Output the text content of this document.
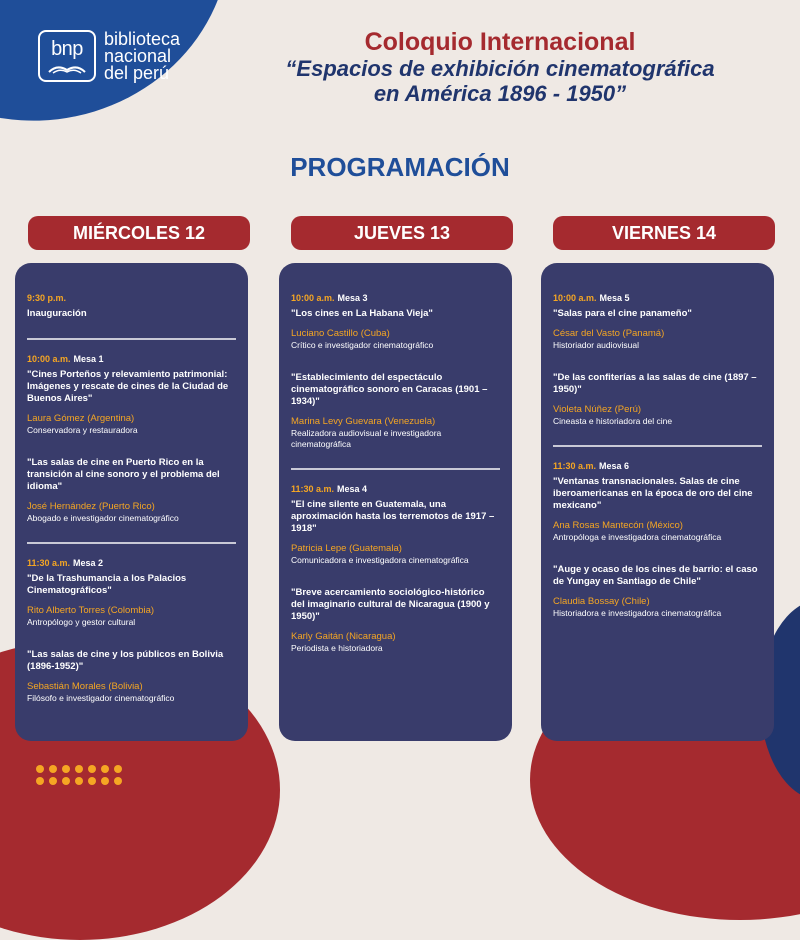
bnp biblioteca
nacional
del perú
Coloquio Internacional
“Espacios de exhibición cinematográfica
en América 1896 - 1950”
PROGRAMACIÓN
MIÉRCOLES 12
9:30 p.m.
Inauguración
10:00 a.m. Mesa 1
"Cines Porteños y relevamiento patrimonial: Imágenes y rescate de cines de la Ciudad de Buenos Aires"
Laura Gómez (Argentina)
Conservadora y restauradora
"Las salas de cine en Puerto Rico en la transición al cine sonoro y el problema del idioma"
José Hernández (Puerto Rico)
Abogado e investigador cinematográfico
11:30 a.m. Mesa 2
"De la Trashumancia a los Palacios Cinematográficos"
Rito Alberto Torres (Colombia)
Antropólogo y gestor cultural
"Las salas de cine y los públicos en Bolivia (1896-1952)"
Sebastián Morales (Bolivia)
Filósofo e investigador cinematográfico
JUEVES 13
10:00 a.m. Mesa 3
"Los cines en La Habana Vieja"
Luciano Castillo (Cuba)
Crítico e investigador cinematográfico
"Establecimiento del espectáculo cinematográfico sonoro en Caracas (1901 – 1934)"
Marina Levy Guevara (Venezuela)
Realizadora audiovisual e investigadora cinematográfica
11:30 a.m. Mesa 4
"El cine silente en Guatemala, una aproximación hasta los terremotos de 1917 – 1918"
Patricia Lepe (Guatemala)
Comunicadora e investigadora cinematográfica
"Breve acercamiento sociológico-histórico del imaginario cultural de Nicaragua (1900 y 1950)"
Karly Gaitán (Nicaragua)
Periodista e historiadora
VIERNES 14
10:00 a.m. Mesa 5
"Salas para el cine panameño"
César del Vasto (Panamá)
Historiador audiovisual
"De las confiterías a las salas de cine (1897 – 1950)"
Violeta Núñez (Perú)
Cineasta e historiadora del cine
11:30 a.m. Mesa 6
"Ventanas transnacionales. Salas de cine iberoamericanas en la época de oro del cine mexicano"
Ana Rosas Mantecón (México)
Antropóloga e investigadora cinematográfica
"Auge y ocaso de los cines de barrio: el caso de Yungay en Santiago de Chile"
Claudia Bossay (Chile)
Historiadora e investigadora cinematográfica
